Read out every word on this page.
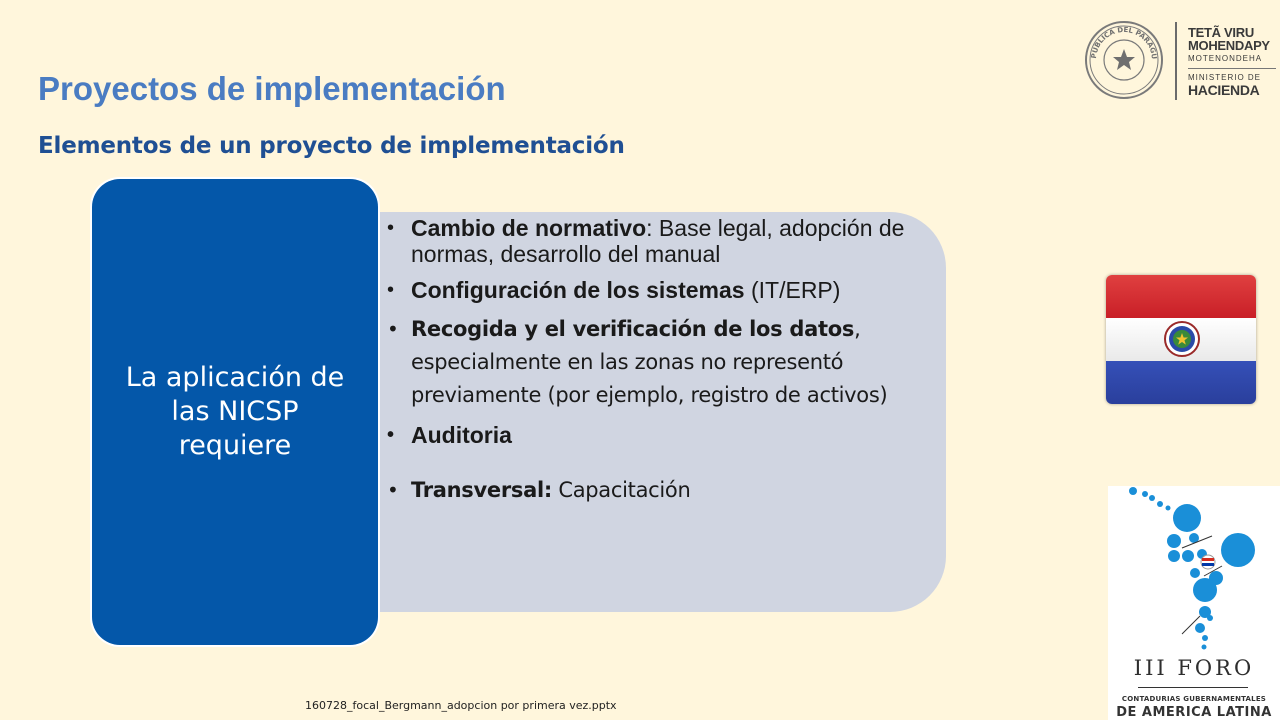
Proyectos de implementación
Elementos de un proyecto de implementación
La aplicación de las NICSP requiere
• Cambio de normativo: Base legal, adopción de normas, desarrollo del manual
• Configuración de los sistemas (IT/ERP)
• Recogida y el verificación de los datos, especialmente en las zonas no representó previamente (por ejemplo, registro de activos)
• Auditoria
• Transversal: Capacitación
160728_focal_Bergmann_adopcion por primera vez.pptx
PUBLICA DEL PARAGU
TETÃ VIRU
MOHENDAPY
MOTENONDEHA
MINISTERIO DE
HACIENDA
III FORO
CONTADURIAS GUBERNAMENTALES
DE AMERICA LATINA
